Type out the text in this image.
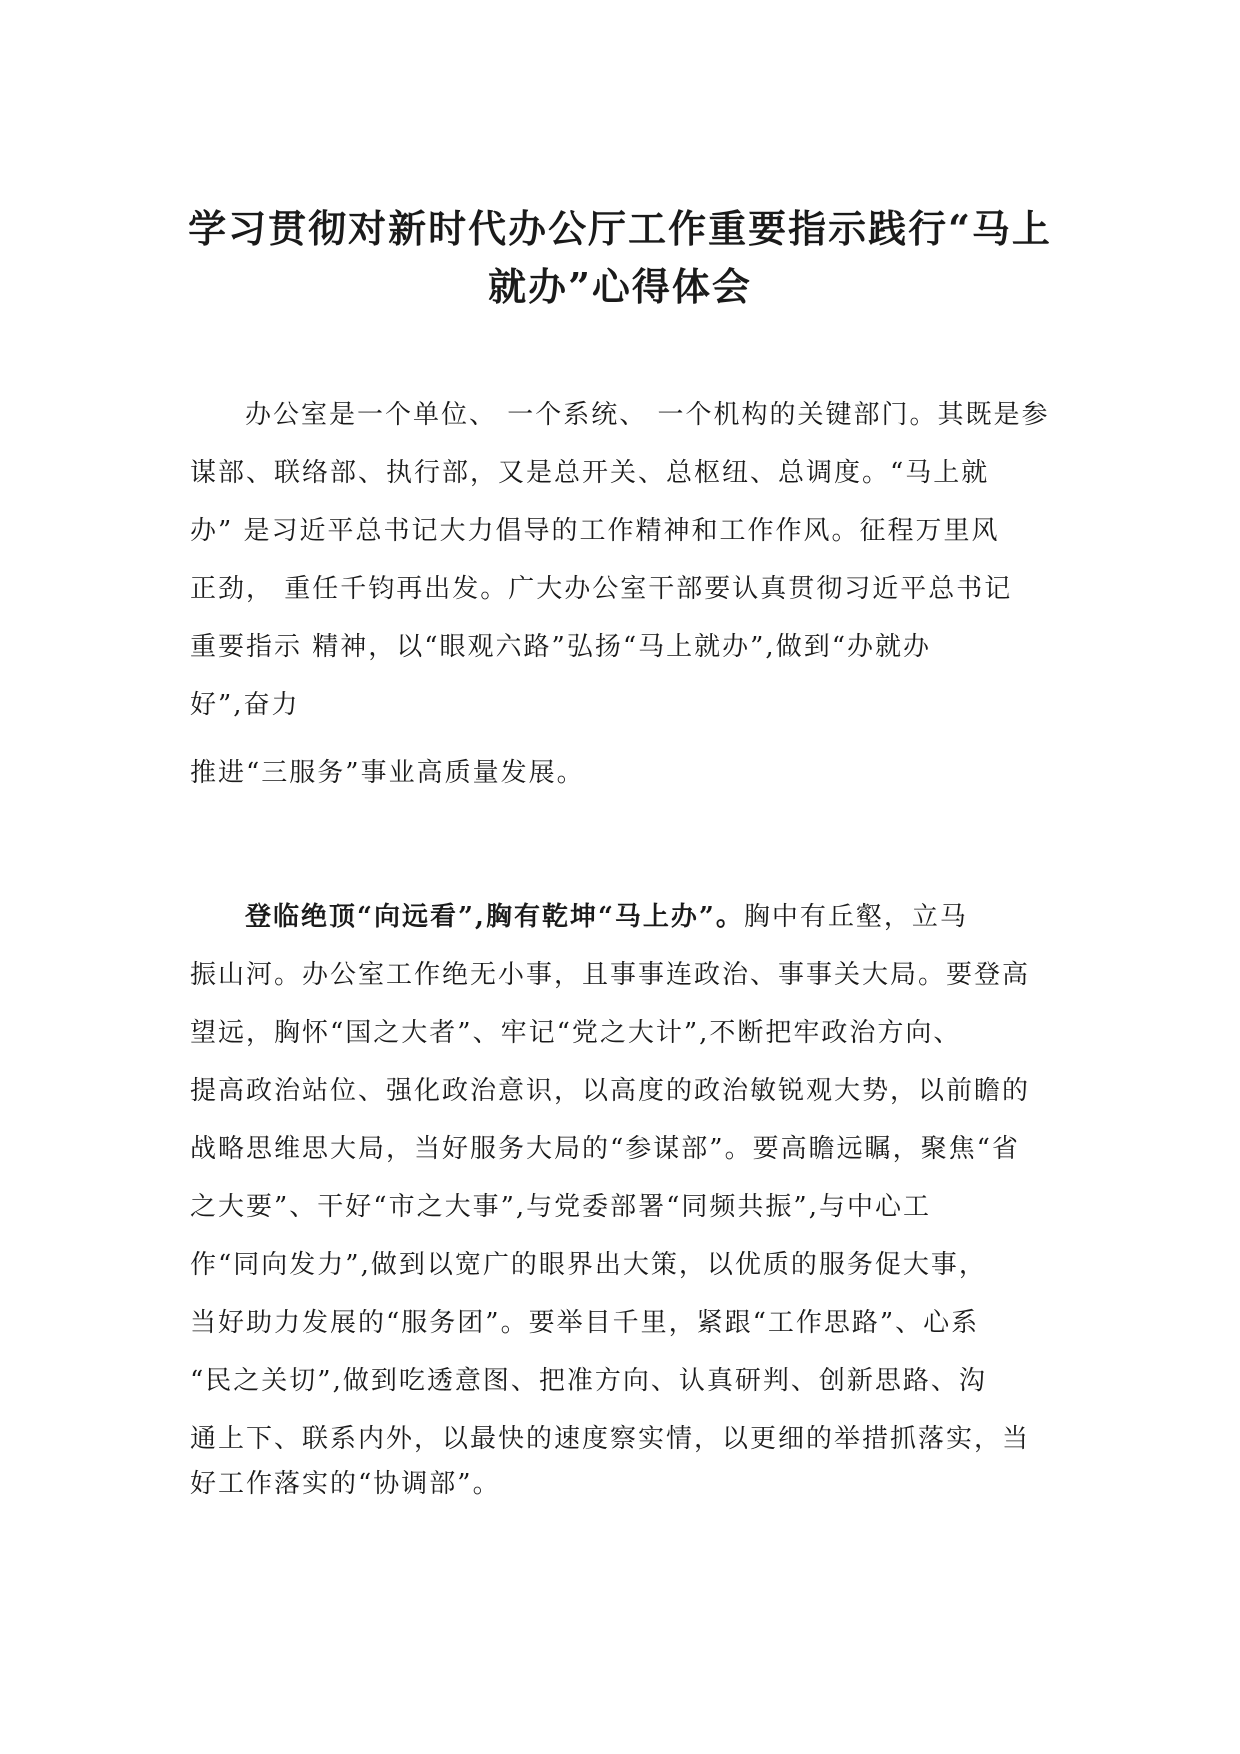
学习贯彻对新时代办公厅工作重要指示践行“马上
就办”心得体会
办公室是一个单位、 一个系统、 一个机构的关键部门。其既是参
谋部、联络部、执行部，又是总开关、总枢纽、总调度。“马上就
办” 是习近平总书记大力倡导的工作精神和工作作风。征程万里风
正劲， 重任千钧再出发。广大办公室干部要认真贯彻习近平总书记
重要指示 精神，以“眼观六路”弘扬“马上就办”,做到“办就办
好”,奋力
推进“三服务”事业高质量发展。
登临绝顶“向远看”,胸有乾坤“马上办”。胸中有丘壑，立马
振山河。办公室工作绝无小事，且事事连政治、事事关大局。要登高
望远，胸怀“国之大者”、牢记“党之大计”,不断把牢政治方向、
提高政治站位、强化政治意识，以高度的政治敏锐观大势，以前瞻的
战略思维思大局，当好服务大局的“参谋部”。要高瞻远瞩，聚焦“省
之大要”、干好“市之大事”,与党委部署“同频共振”,与中心工
作“同向发力”,做到以宽广的眼界出大策，以优质的服务促大事，
当好助力发展的“服务团”。要举目千里，紧跟“工作思路”、心系
“民之关切”,做到吃透意图、把准方向、认真研判、创新思路、沟
通上下、联系内外，以最快的速度察实情，以更细的举措抓落实，当
好工作落实的“协调部”。
